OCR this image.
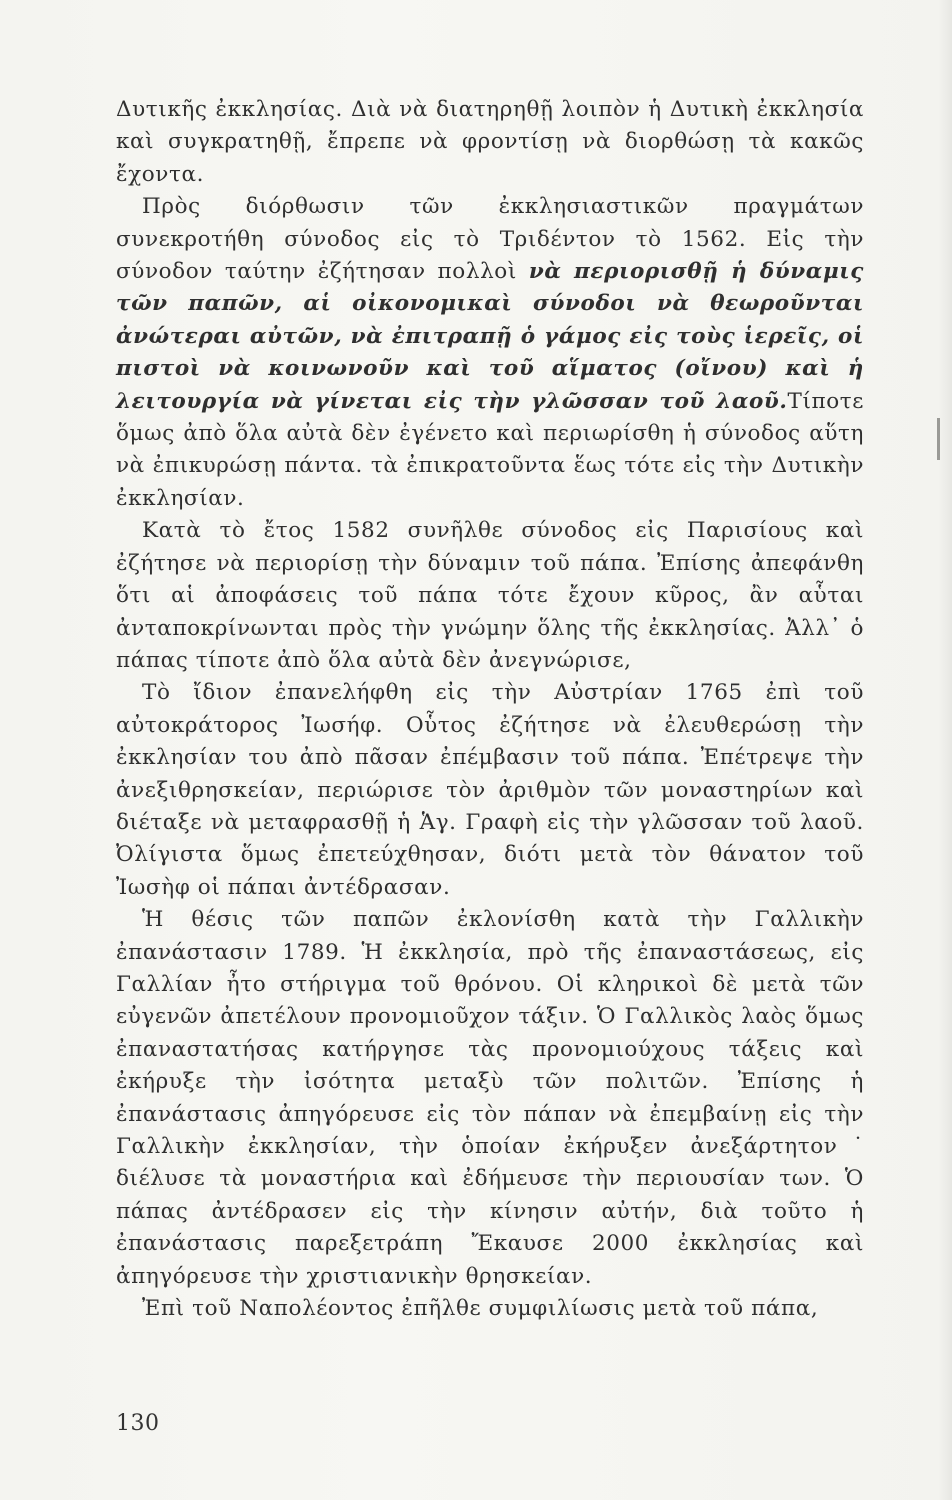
Δυτικῆς ἐκκλησίας. Διὰ νὰ διατηρηθῇ λοιπὸν ἡ Δυτικὴ ἐκκλησία καὶ συγκρατηθῇ, ἔπρεπε νὰ φροντίσῃ νὰ διορθώσῃ τὰ κακῶς ἔχοντα.

Πρὸς διόρθωσιν τῶν ἐκκλησιαστικῶν πραγμάτων συνεκροτήθη σύνοδος εἰς τὸ Τριδέντον τὸ 1562. Εἰς τὴν σύνοδον ταύτην ἐζήτησαν πολλοὶ νὰ περιορισθῇ ἡ δύναμις τῶν παπῶν, αἱ οἰκονομικαὶ σύνοδοι νὰ θεωροῦνται ἀνώτεραι αὐτῶν, νὰ ἐπιτραπῇ ὁ γάμος εἰς τοὺς ἱερεῖς, οἱ πιστοὶ νὰ κοινωνοῦν καὶ τοῦ αἵματος (οἴνου) καὶ ἡ λειτουργία νὰ γίνεται εἰς τὴν γλῶσσαν τοῦ λαοῦ.Τίποτε ὅμως ἀπὸ ὅλα αὐτὰ δὲν ἐγένετο καὶ περιωρίσθη ἡ σύνοδος αὕτη νὰ ἐπικυρώσῃ πάντα. τὰ ἐπικρατοῦντα ἕως τότε εἰς τὴν Δυτικὴν ἐκκλησίαν.

Κατὰ τὸ ἔτος 1582 συνῆλθε σύνοδος εἰς Παρισίους καὶ ἐζήτησε νὰ περιορίσῃ τὴν δύναμιν τοῦ πάπα. Ἐπίσης ἀπεφάνθη ὅτι αἱ ἀποφάσεις τοῦ πάπα τότε ἔχουν κῦρος, ἂν αὗται ἀνταποκρίνωνται πρὸς τὴν γνώμην ὅλης τῆς ἐκκλησίας. Ἀλλ᾽ ὁ πάπας τίποτε ἀπὸ ὅλα αὐτὰ δὲν ἀνεγνώρισε,

Τὸ ἴδιον ἐπανελήφθη εἰς τὴν Αὐστρίαν 1765 ἐπὶ τοῦ αὐτοκράτορος Ἰωσήφ. Οὗτος ἐζήτησε νὰ ἐλευθερώσῃ τὴν ἐκκλησίαν του ἀπὸ πᾶσαν ἐπέμβασιν τοῦ πάπα. Ἐπέτρεψε τὴν ἀνεξιθρησκείαν, περιώρισε τὸν ἀριθμὸν τῶν μοναστηρίων καὶ διέταξε νὰ μεταφρασθῇ ἡ Ἁγ. Γραφὴ εἰς τὴν γλῶσσαν τοῦ λαοῦ. Ὀλίγιστα ὅμως ἐπετεύχθησαν, διότι μετὰ τὸν θάνατον τοῦ Ἰωσὴφ οἱ πάπαι ἀντέδρασαν.

Ἡ θέσις τῶν παπῶν ἐκλονίσθη κατὰ τὴν Γαλλικὴν ἐπανάστασιν 1789. Ἡ ἐκκλησία, πρὸ τῆς ἐπαναστάσεως, εἰς Γαλλίαν ἦτο στήριγμα τοῦ θρόνου. Οἱ κληρικοὶ δὲ μετὰ τῶν εὐγενῶν ἀπετέλουν προνομιοῦχον τάξιν. Ὁ Γαλλικὸς λαὸς ὅμως ἐπαναστατήσας κατήργησε τὰς προνομιούχους τάξεις καὶ ἐκήρυξε τὴν ἰσότητα μεταξὺ τῶν πολιτῶν. Ἐπίσης ἡ ἐπανάστασις ἀπηγόρευσε εἰς τὸν πάπαν νὰ ἐπεμβαίνῃ εἰς τὴν Γαλλικὴν ἐκκλησίαν, τὴν ὁποίαν ἐκήρυξεν ἀνεξάρτητον˙ διέλυσε τὰ μοναστήρια καὶ ἐδήμευσε τὴν περιουσίαν των. Ὁ πάπας ἀντέδρασεν εἰς τὴν κίνησιν αὐτήν, διὰ τοῦτο ἡ ἐπανάστασις παρεξετράπη Ἔκαυσε 2000 ἐκκλησίας καὶ ἀπηγόρευσε τὴν χριστιανικὴν θρησκείαν.

Ἐπὶ τοῦ Ναπολέοντος ἐπῆλθε συμφιλίωσις μετὰ τοῦ πάπα,

130
